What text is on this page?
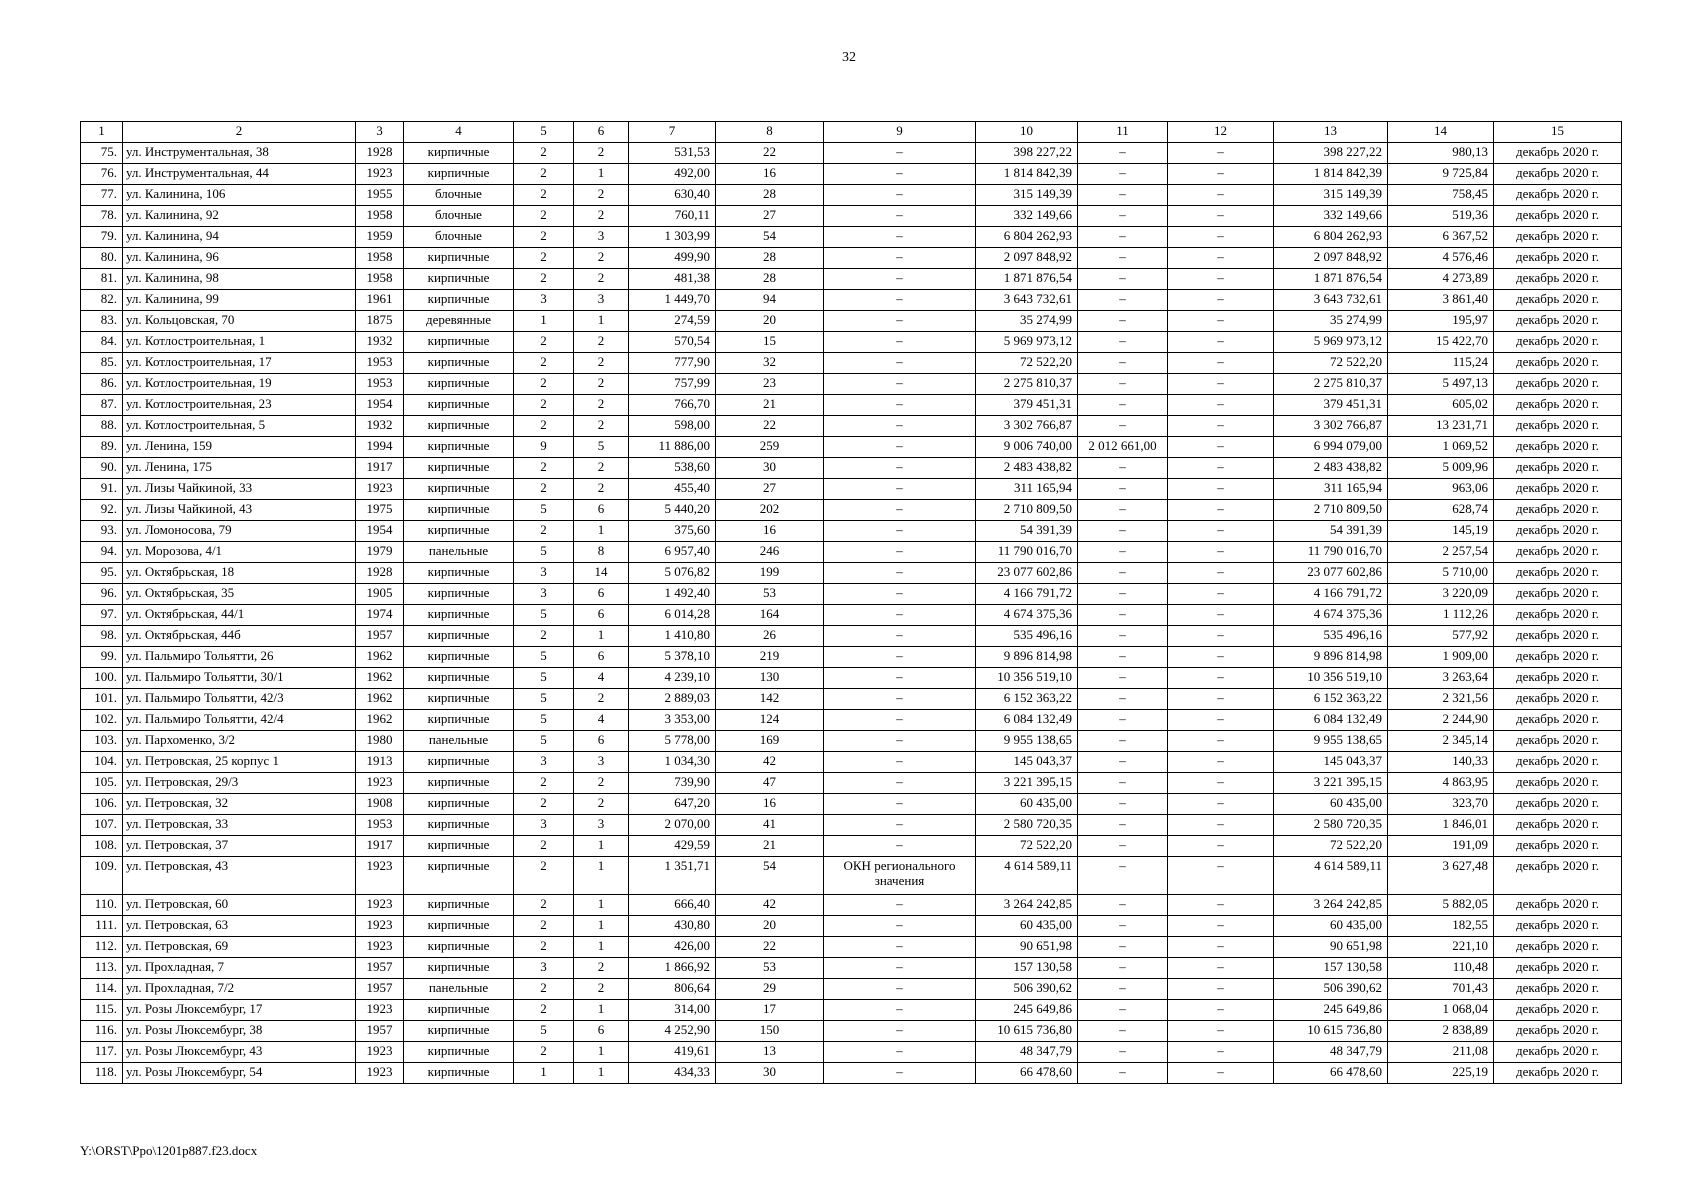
32
1	2	3	4	5	6	7	8	9	10	11	12	13	14	15
75.	ул. Инструментальная, 38	1928	кирпичные	2	2	531,53	22	–	398 227,22	–	–	398 227,22	980,13	декабрь 2020 г.
76.	ул. Инструментальная, 44	1923	кирпичные	2	1	492,00	16	–	1 814 842,39	–	–	1 814 842,39	9 725,84	декабрь 2020 г.
77.	ул. Калинина, 106	1955	блочные	2	2	630,40	28	–	315 149,39	–	–	315 149,39	758,45	декабрь 2020 г.
78.	ул. Калинина, 92	1958	блочные	2	2	760,11	27	–	332 149,66	–	–	332 149,66	519,36	декабрь 2020 г.
79.	ул. Калинина, 94	1959	блочные	2	3	1 303,99	54	–	6 804 262,93	–	–	6 804 262,93	6 367,52	декабрь 2020 г.
80.	ул. Калинина, 96	1958	кирпичные	2	2	499,90	28	–	2 097 848,92	–	–	2 097 848,92	4 576,46	декабрь 2020 г.
81.	ул. Калинина, 98	1958	кирпичные	2	2	481,38	28	–	1 871 876,54	–	–	1 871 876,54	4 273,89	декабрь 2020 г.
82.	ул. Калинина, 99	1961	кирпичные	3	3	1 449,70	94	–	3 643 732,61	–	–	3 643 732,61	3 861,40	декабрь 2020 г.
83.	ул. Кольцовская, 70	1875	деревянные	1	1	274,59	20	–	35 274,99	–	–	35 274,99	195,97	декабрь 2020 г.
84.	ул. Котлостроительная, 1	1932	кирпичные	2	2	570,54	15	–	5 969 973,12	–	–	5 969 973,12	15 422,70	декабрь 2020 г.
85.	ул. Котлостроительная, 17	1953	кирпичные	2	2	777,90	32	–	72 522,20	–	–	72 522,20	115,24	декабрь 2020 г.
86.	ул. Котлостроительная, 19	1953	кирпичные	2	2	757,99	23	–	2 275 810,37	–	–	2 275 810,37	5 497,13	декабрь 2020 г.
87.	ул. Котлостроительная, 23	1954	кирпичные	2	2	766,70	21	–	379 451,31	–	–	379 451,31	605,02	декабрь 2020 г.
88.	ул. Котлостроительная, 5	1932	кирпичные	2	2	598,00	22	–	3 302 766,87	–	–	3 302 766,87	13 231,71	декабрь 2020 г.
89.	ул. Ленина, 159	1994	кирпичные	9	5	11 886,00	259	–	9 006 740,00	2 012 661,00	–	6 994 079,00	1 069,52	декабрь 2020 г.
90.	ул. Ленина, 175	1917	кирпичные	2	2	538,60	30	–	2 483 438,82	–	–	2 483 438,82	5 009,96	декабрь 2020 г.
91.	ул. Лизы Чайкиной, 33	1923	кирпичные	2	2	455,40	27	–	311 165,94	–	–	311 165,94	963,06	декабрь 2020 г.
92.	ул. Лизы Чайкиной, 43	1975	кирпичные	5	6	5 440,20	202	–	2 710 809,50	–	–	2 710 809,50	628,74	декабрь 2020 г.
93.	ул. Ломоносова, 79	1954	кирпичные	2	1	375,60	16	–	54 391,39	–	–	54 391,39	145,19	декабрь 2020 г.
94.	ул. Морозова, 4/1	1979	панельные	5	8	6 957,40	246	–	11 790 016,70	–	–	11 790 016,70	2 257,54	декабрь 2020 г.
95.	ул. Октябрьская, 18	1928	кирпичные	3	14	5 076,82	199	–	23 077 602,86	–	–	23 077 602,86	5 710,00	декабрь 2020 г.
96.	ул. Октябрьская, 35	1905	кирпичные	3	6	1 492,40	53	–	4 166 791,72	–	–	4 166 791,72	3 220,09	декабрь 2020 г.
97.	ул. Октябрьская, 44/1	1974	кирпичные	5	6	6 014,28	164	–	4 674 375,36	–	–	4 674 375,36	1 112,26	декабрь 2020 г.
98.	ул. Октябрьская, 44б	1957	кирпичные	2	1	1 410,80	26	–	535 496,16	–	–	535 496,16	577,92	декабрь 2020 г.
99.	ул. Пальмиро Тольятти, 26	1962	кирпичные	5	6	5 378,10	219	–	9 896 814,98	–	–	9 896 814,98	1 909,00	декабрь 2020 г.
100.	ул. Пальмиро Тольятти, 30/1	1962	кирпичные	5	4	4 239,10	130	–	10 356 519,10	–	–	10 356 519,10	3 263,64	декабрь 2020 г.
101.	ул. Пальмиро Тольятти, 42/3	1962	кирпичные	5	2	2 889,03	142	–	6 152 363,22	–	–	6 152 363,22	2 321,56	декабрь 2020 г.
102.	ул. Пальмиро Тольятти, 42/4	1962	кирпичные	5	4	3 353,00	124	–	6 084 132,49	–	–	6 084 132,49	2 244,90	декабрь 2020 г.
103.	ул. Пархоменко, 3/2	1980	панельные	5	6	5 778,00	169	–	9 955 138,65	–	–	9 955 138,65	2 345,14	декабрь 2020 г.
104.	ул. Петровская, 25 корпус 1	1913	кирпичные	3	3	1 034,30	42	–	145 043,37	–	–	145 043,37	140,33	декабрь 2020 г.
105.	ул. Петровская, 29/3	1923	кирпичные	2	2	739,90	47	–	3 221 395,15	–	–	3 221 395,15	4 863,95	декабрь 2020 г.
106.	ул. Петровская, 32	1908	кирпичные	2	2	647,20	16	–	60 435,00	–	–	60 435,00	323,70	декабрь 2020 г.
107.	ул. Петровская, 33	1953	кирпичные	3	3	2 070,00	41	–	2 580 720,35	–	–	2 580 720,35	1 846,01	декабрь 2020 г.
108.	ул. Петровская, 37	1917	кирпичные	2	1	429,59	21	–	72 522,20	–	–	72 522,20	191,09	декабрь 2020 г.
109.	ул. Петровская, 43	1923	кирпичные	2	1	1 351,71	54	ОКН регионального значения	4 614 589,11	–	–	4 614 589,11	3 627,48	декабрь 2020 г.
110.	ул. Петровская, 60	1923	кирпичные	2	1	666,40	42	–	3 264 242,85	–	–	3 264 242,85	5 882,05	декабрь 2020 г.
111.	ул. Петровская, 63	1923	кирпичные	2	1	430,80	20	–	60 435,00	–	–	60 435,00	182,55	декабрь 2020 г.
112.	ул. Петровская, 69	1923	кирпичные	2	1	426,00	22	–	90 651,98	–	–	90 651,98	221,10	декабрь 2020 г.
113.	ул. Прохладная, 7	1957	кирпичные	3	2	1 866,92	53	–	157 130,58	–	–	157 130,58	110,48	декабрь 2020 г.
114.	ул. Прохладная, 7/2	1957	панельные	2	2	806,64	29	–	506 390,62	–	–	506 390,62	701,43	декабрь 2020 г.
115.	ул. Розы Люксембург, 17	1923	кирпичные	2	1	314,00	17	–	245 649,86	–	–	245 649,86	1 068,04	декабрь 2020 г.
116.	ул. Розы Люксембург, 38	1957	кирпичные	5	6	4 252,90	150	–	10 615 736,80	–	–	10 615 736,80	2 838,89	декабрь 2020 г.
117.	ул. Розы Люксембург, 43	1923	кирпичные	2	1	419,61	13	–	48 347,79	–	–	48 347,79	211,08	декабрь 2020 г.
118.	ул. Розы Люксембург, 54	1923	кирпичные	1	1	434,33	30	–	66 478,60	–	–	66 478,60	225,19	декабрь 2020 г.
Y:\ORST\Ppo\1201p887.f23.docx
